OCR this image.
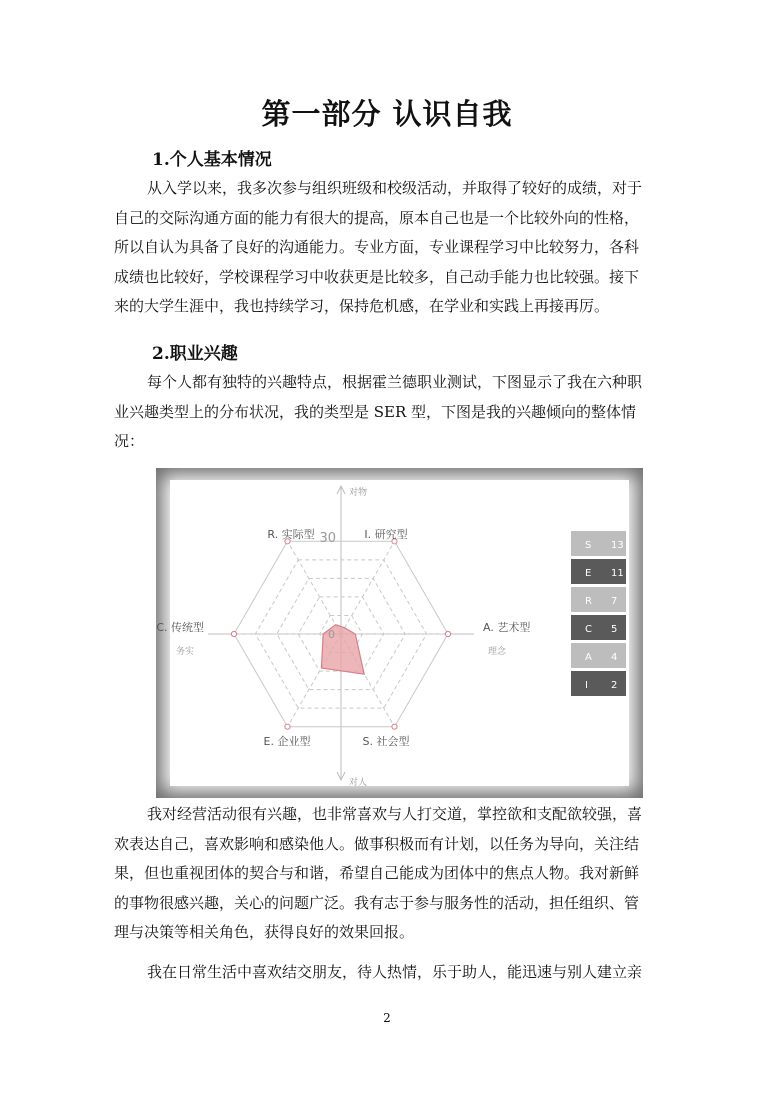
第一部分 认识自我
1.个人基本情况
从入学以来，我多次参与组织班级和校级活动，并取得了较好的成绩，对于
自己的交际沟通方面的能力有很大的提高，原本自己也是一个比较外向的性格，
所以自认为具备了良好的沟通能力。专业方面，专业课程学习中比较努力，各科
成绩也比较好，学校课程学习中收获更是比较多，自己动手能力也比较强。接下
来的大学生涯中，我也持续学习，保持危机感，在学业和实践上再接再厉。
2.职业兴趣
每个人都有独特的兴趣特点，根据霍兰德职业测试，下图显示了我在六种职
业兴趣类型上的分布状况，我的类型是 SER 型，下图是我的兴趣倾向的整体情
况：
R. 实际型	I. 研究型
A. 艺术型
S. 社会型
E. 企业型
C. 传统型
30
0
对物
对人
务实	理念
S 13
E 11
R 7
C 5
A 4
I 2
我对经营活动很有兴趣，也非常喜欢与人打交道，掌控欲和支配欲较强，喜
欢表达自己，喜欢影响和感染他人。做事积极而有计划，以任务为导向，关注结
果，但也重视团体的契合与和谐，希望自己能成为团体中的焦点人物。我对新鲜
的事物很感兴趣，关心的问题广泛。我有志于参与服务性的活动，担任组织、管
理与决策等相关角色，获得良好的效果回报。
我在日常生活中喜欢结交朋友，待人热情，乐于助人，能迅速与别人建立亲
2
